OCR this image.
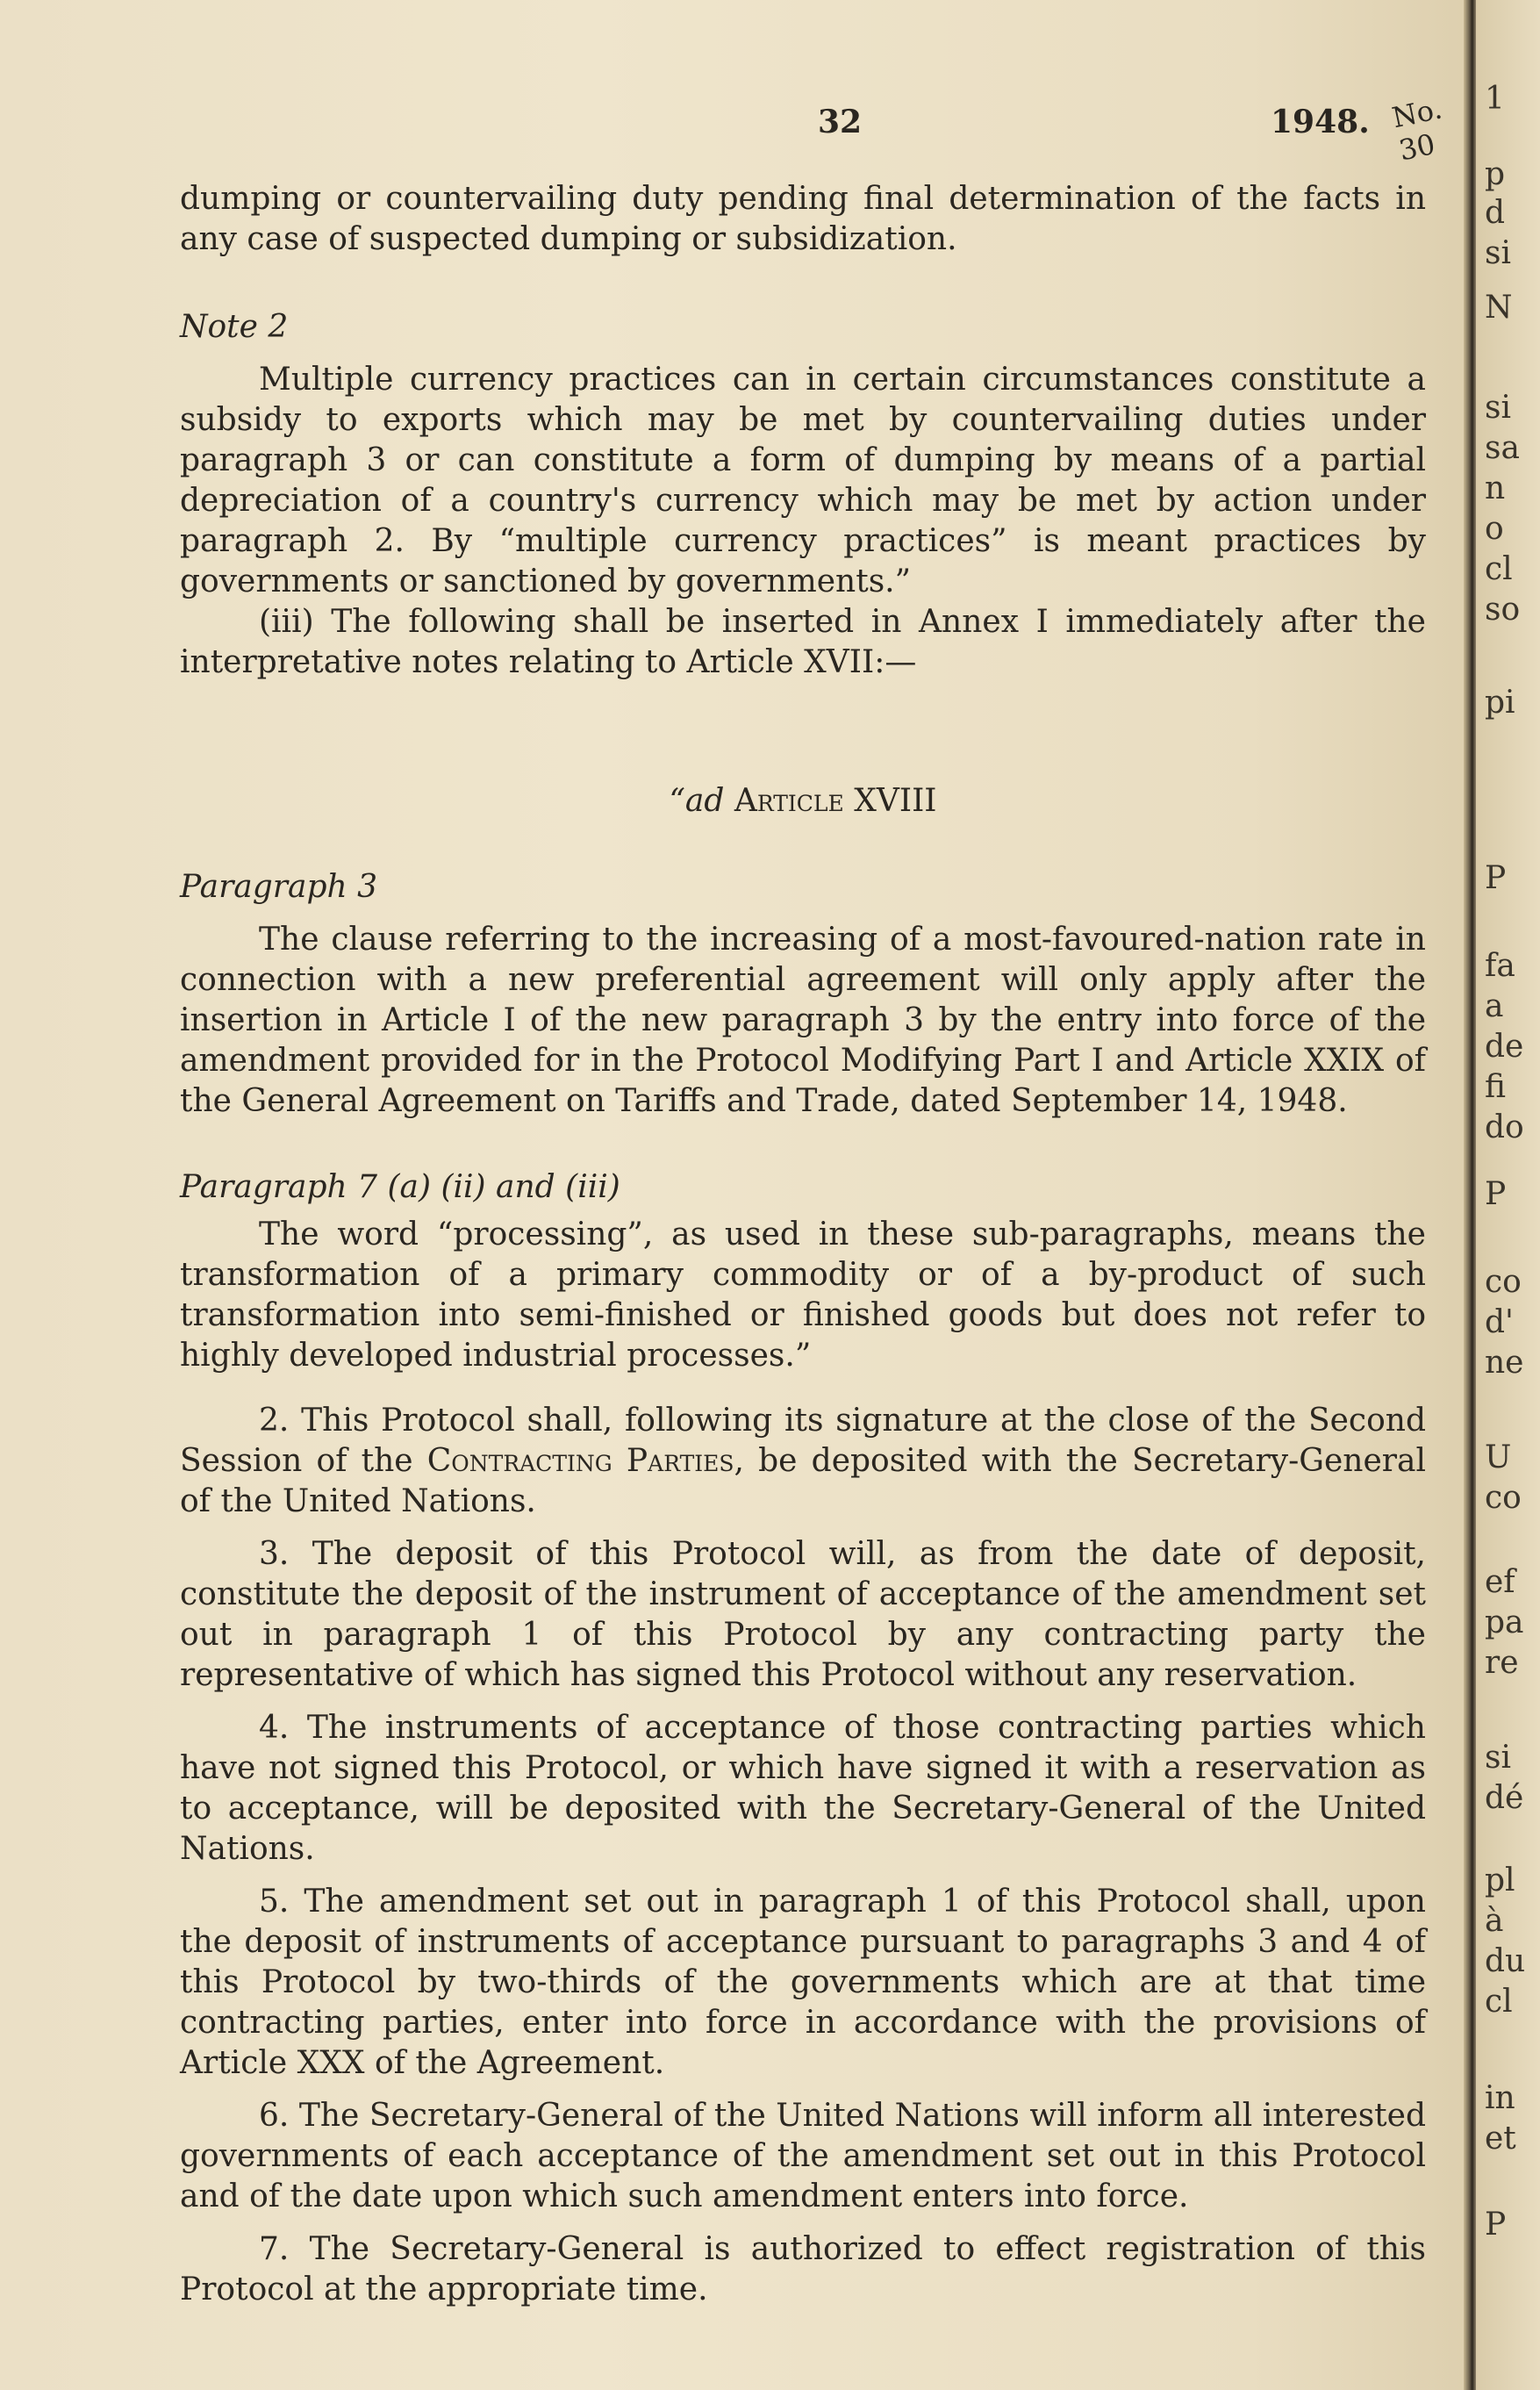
32	1948. No. 30

dumping or countervailing duty pending final determination of the facts in any case of suspected dumping or subsidization.

Note 2

Multiple currency practices can in certain circumstances constitute a subsidy to exports which may be met by countervailing duties under paragraph 3 or can constitute a form of dumping by means of a partial depreciation of a country's currency which may be met by action under paragraph 2. By “multiple currency practices” is meant practices by governments or sanctioned by governments.”

(iii) The following shall be inserted in Annex I immediately after the interpretative notes relating to Article XVII:—

“ad Article XVIII

Paragraph 3

The clause referring to the increasing of a most-favoured-nation rate in connection with a new preferential agreement will only apply after the insertion in Article I of the new paragraph 3 by the entry into force of the amendment provided for in the Protocol Modifying Part I and Article XXIX of the General Agreement on Tariffs and Trade, dated September 14, 1948.

Paragraph 7 (a) (ii) and (iii)

The word “processing”, as used in these sub-paragraphs, means the transformation of a primary commodity or of a by-product of such transformation into semi-finished or finished goods but does not refer to highly developed industrial processes.”

2. This Protocol shall, following its signature at the close of the Second Session of the Contracting Parties, be deposited with the Secretary-General of the United Nations.

3. The deposit of this Protocol will, as from the date of deposit, constitute the deposit of the instrument of acceptance of the amendment set out in paragraph 1 of this Protocol by any contracting party the representative of which has signed this Protocol without any reservation.

4. The instruments of acceptance of those contracting parties which have not signed this Protocol, or which have signed it with a reservation as to acceptance, will be deposited with the Secretary-General of the United Nations.

5. The amendment set out in paragraph 1 of this Protocol shall, upon the deposit of instruments of acceptance pursuant to paragraphs 3 and 4 of this Protocol by two-thirds of the governments which are at that time contracting parties, enter into force in accordance with the provisions of Article XXX of the Agreement.

6. The Secretary-General of the United Nations will inform all interested governments of each acceptance of the amendment set out in this Protocol and of the date upon which such amendment enters into force.

7. The Secretary-General is authorized to effect registration of this Protocol at the appropriate time.

1
p
d
si
N
si
sa
n
o
cl
so
pi
P
fa
a
de
fi
do
P
co
d'
ne
U
co
ef
pa
re
si
dé
pl
à
du
cl
in
et
P
